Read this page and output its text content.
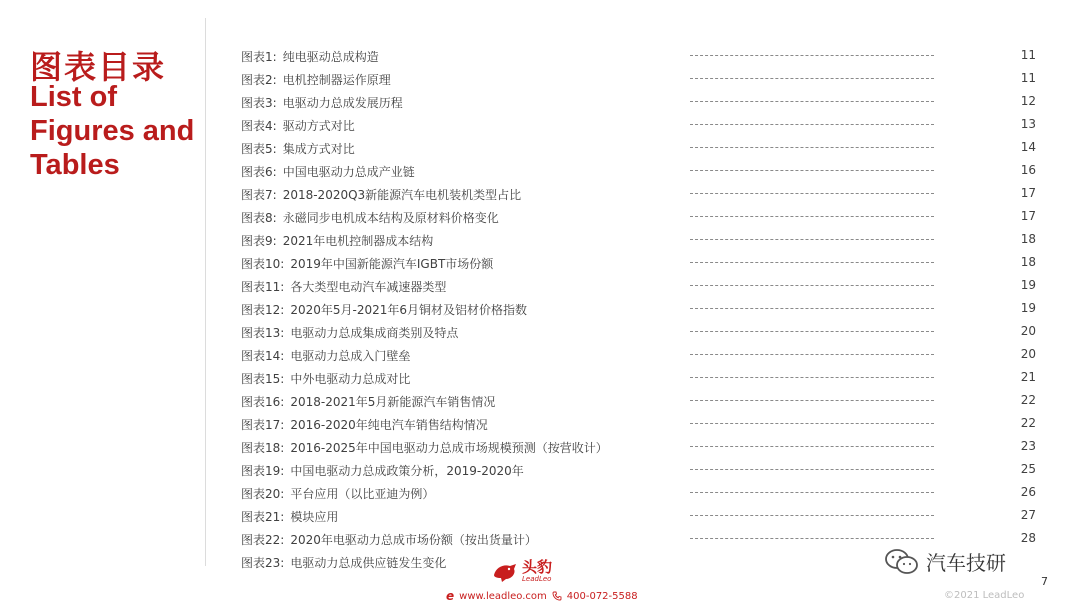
图表目录
List of Figures and Tables
图表1: 纯电驱动总成构造	11
图表2: 电机控制器运作原理	11
图表3: 电驱动力总成发展历程	12
图表4: 驱动方式对比	13
图表5: 集成方式对比	14
图表6: 中国电驱动力总成产业链	16
图表7: 2018-2020Q3新能源汽车电机装机类型占比	17
图表8: 永磁同步电机成本结构及原材料价格变化	17
图表9: 2021年电机控制器成本结构	18
图表10: 2019年中国新能源汽车IGBT市场份额	18
图表11: 各大类型电动汽车减速器类型	19
图表12: 2020年5月-2021年6月铜材及铝材价格指数	19
图表13: 电驱动力总成集成商类别及特点	20
图表14: 电驱动力总成入门壁垒	20
图表15: 中外电驱动力总成对比	21
图表16: 2018-2021年5月新能源汽车销售情况	22
图表17: 2016-2020年纯电汽车销售结构情况	22
图表18: 2016-2025年中国电驱动力总成市场规模预测（按营收计）	23
图表19: 中国电驱动力总成政策分析，2019-2020年	25
图表20: 平台应用（以比亚迪为例）	26
图表21: 模块应用	27
图表22: 2020年电驱动力总成市场份额（按出货量计）	28
图表23: 电驱动力总成供应链发生变化	头豹
LeadLeo
e www.leadleo.com 400-072-5588
汽车技研
7
©2021 LeadLeo
